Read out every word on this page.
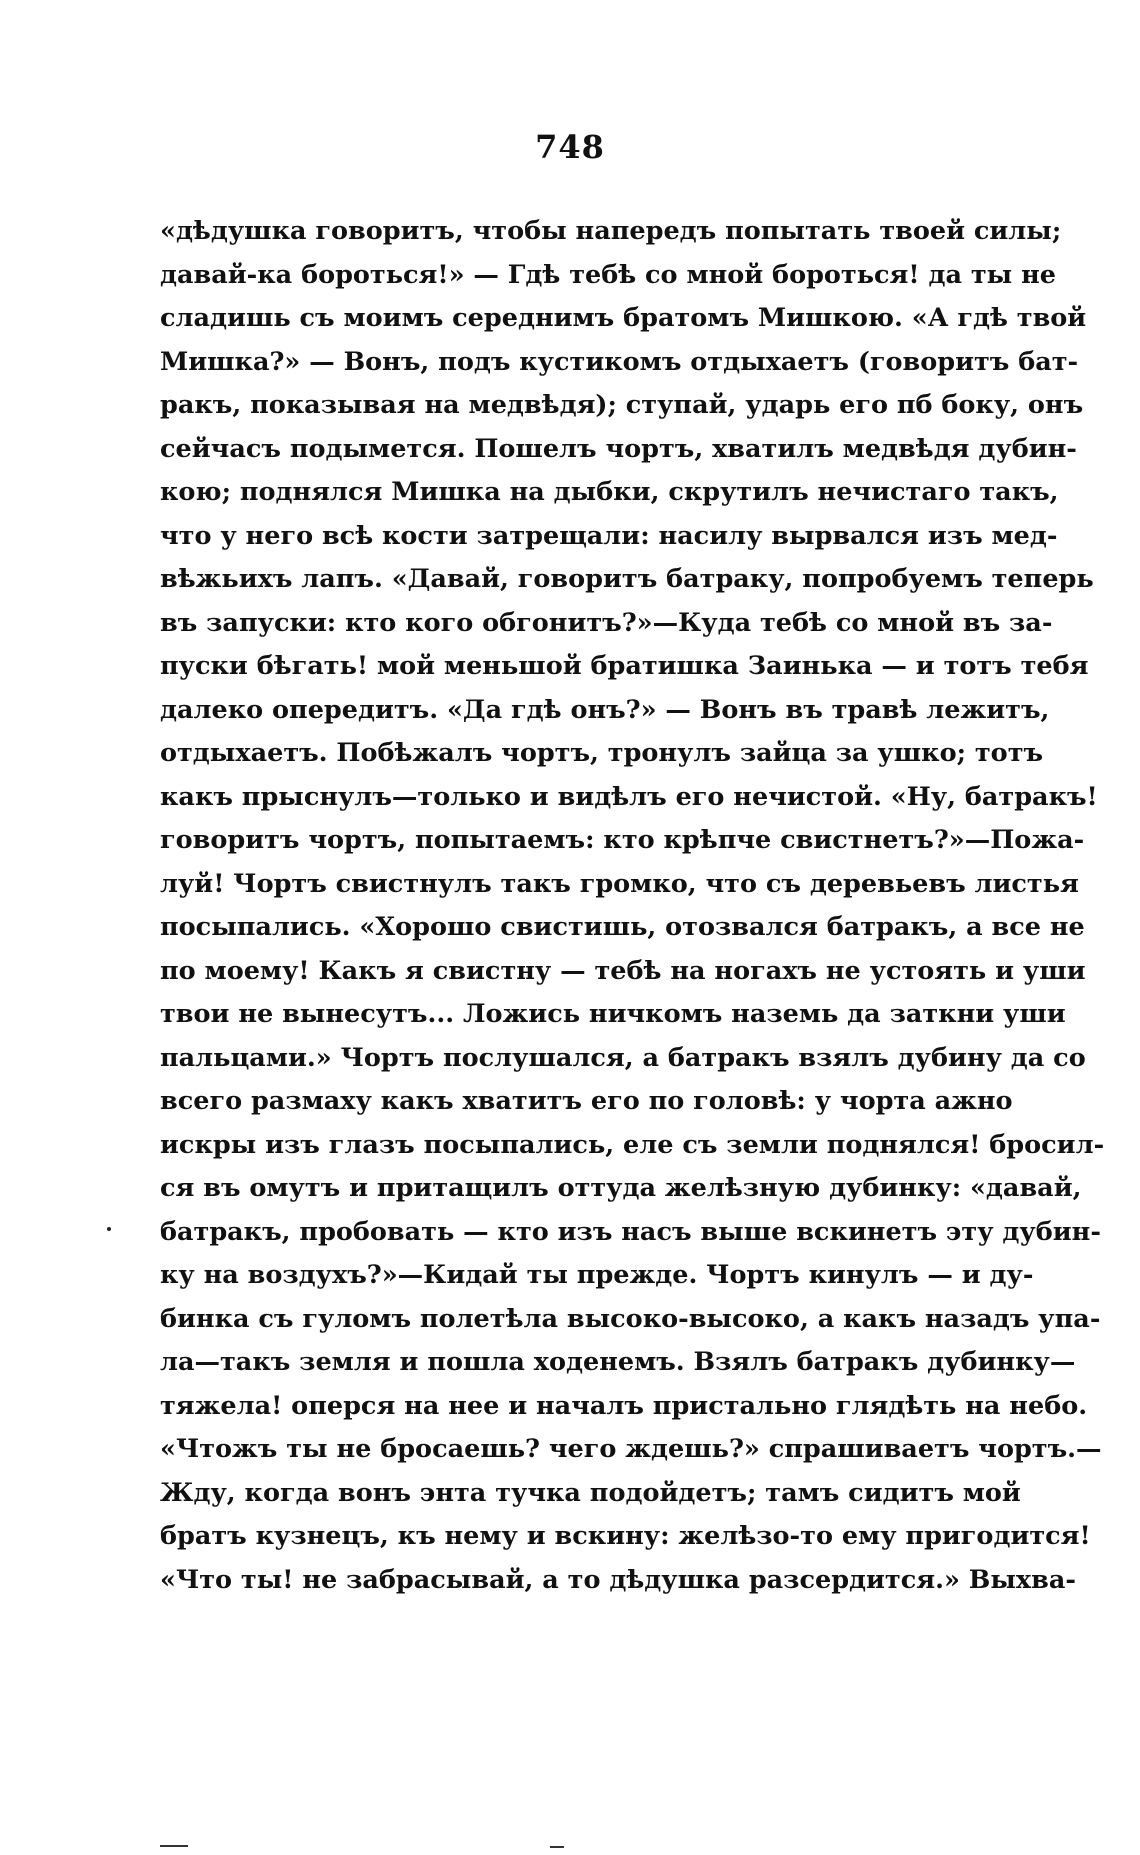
748
«дѣдушка говоритъ, чтобы напередъ попытать твоей силы;
давай-ка бороться!» — Гдѣ тебѣ со мной бороться! да ты не
сладишь съ моимъ середнимъ братомъ Мишкою. «А гдѣ твой
Мишка?» — Вонъ, подъ кустикомъ отдыхаетъ (говоритъ бат-
ракъ, показывая на медвѣдя); ступай, ударь его пб боку, онъ
сейчасъ подымется. Пошелъ чортъ, хватилъ медвѣдя дубин-
кою; поднялся Мишка на дыбки, скрутилъ нечистаго такъ,
что у него всѣ кости затрещали: насилу вырвался изъ мед-
вѣжьихъ лапъ. «Давай, говоритъ батраку, попробуемъ теперь
въ запуски: кто кого обгонитъ?»—Куда тебѣ со мной въ за-
пуски бѣгать! мой меньшой братишка Заинька — и тотъ тебя
далеко опередитъ. «Да гдѣ онъ?» — Вонъ въ травѣ лежитъ,
отдыхаетъ. Побѣжалъ чортъ, тронулъ зайца за ушко; тотъ
какъ прыснулъ—только и видѣлъ его нечистой. «Ну, батракъ!
говоритъ чортъ, попытаемъ: кто крѣпче свистнетъ?»—Пожа-
луй! Чортъ свистнулъ такъ громко, что съ деревьевъ листья
посыпались. «Хорошо свистишь, отозвался батракъ, а все не
по моему! Какъ я свистну — тебѣ на ногахъ не устоять и уши
твои не вынесутъ... Ложись ничкомъ наземь да заткни уши
пальцами.» Чортъ послушался, а батракъ взялъ дубину да со
всего размаху какъ хватитъ его по головѣ: у чорта ажно
искры изъ глазъ посыпались, еле съ земли поднялся! бросил-
ся въ омутъ и притащилъ оттуда желѣзную дубинку: «давай,
батракъ, пробовать — кто изъ насъ выше вскинетъ эту дубин-
ку на воздухъ?»—Кидай ты прежде. Чортъ кинулъ — и ду-
бинка съ гуломъ полетѣла высоко-высоко, а какъ назадъ упа-
ла—такъ земля и пошла ходенемъ. Взялъ батракъ дубинку—
тяжела! оперся на нее и началъ пристально глядѣть на небо.
«Чтожъ ты не бросаешь? чего ждешь?» спрашиваетъ чортъ.—
Жду, когда вонъ энта тучка подойдетъ; тамъ сидитъ мой
братъ кузнецъ, къ нему и вскину: желѣзо-то ему пригодится!
«Что ты! не забрасывай, а то дѣдушка разсердится.» Выхва-
